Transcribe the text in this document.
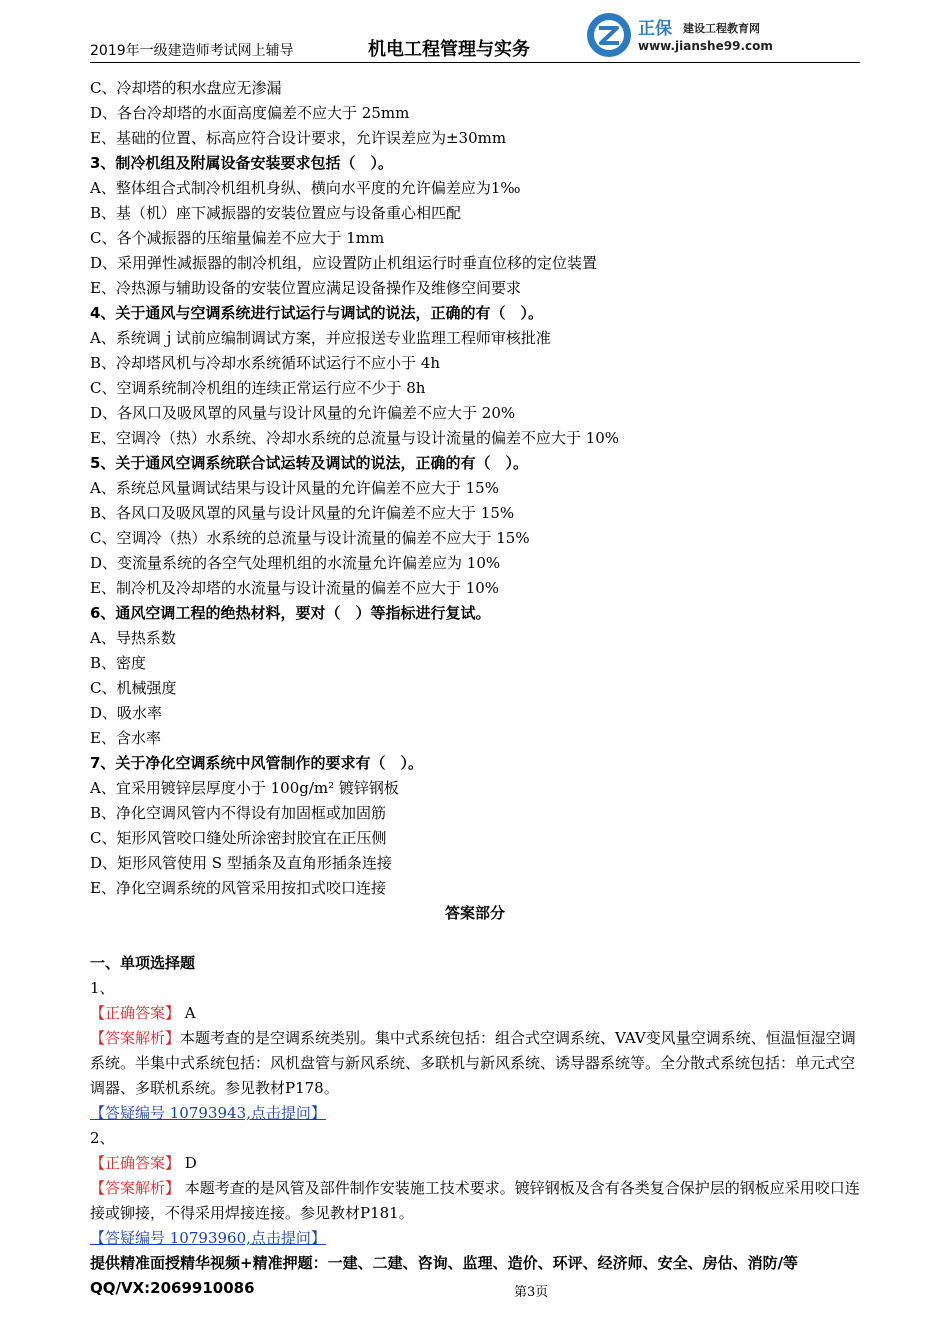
2019年一级建造师考试网上辅导	机电工程管理与实务
正保 建设工程教育网
www.jianshe99.com
C、冷却塔的积水盘应无渗漏
D、各台冷却塔的水面高度偏差不应大于 25mm
E、基础的位置、标高应符合设计要求，允许误差应为±30mm
3、制冷机组及附属设备安装要求包括（　）。
A、整体组合式制冷机组机身纵、横向水平度的允许偏差应为1‰
B、基（机）座下减振器的安装位置应与设备重心相匹配
C、各个减振器的压缩量偏差不应大于 1mm
D、采用弹性减振器的制冷机组，应设置防止机组运行时垂直位移的定位装置
E、冷热源与辅助设备的安装位置应满足设备操作及维修空间要求
4、关于通风与空调系统进行试运行与调试的说法，正确的有（　）。
A、系统调ｊ试前应编制调试方案，并应报送专业监理工程师审核批准
B、冷却塔风机与冷却水系统循环试运行不应小于 4h
C、空调系统制冷机组的连续正常运行应不少于 8h
D、各风口及吸风罩的风量与设计风量的允许偏差不应大于 20%
E、空调冷（热）水系统、冷却水系统的总流量与设计流量的偏差不应大于 10%
5、关于通风空调系统联合试运转及调试的说法，正确的有（　）。
A、系统总风量调试结果与设计风量的允许偏差不应大于 15%
B、各风口及吸风罩的风量与设计风量的允许偏差不应大于 15%
C、空调冷（热）水系统的总流量与设计流量的偏差不应大于 15%
D、变流量系统的各空气处理机组的水流量允许偏差应为 10%
E、制冷机及冷却塔的水流量与设计流量的偏差不应大于 10%
6、通风空调工程的绝热材料，要对（　）等指标进行复试。
A、导热系数
B、密度
C、机械强度
D、吸水率
E、含水率
7、关于净化空调系统中风管制作的要求有（　）。
A、宜采用镀锌层厚度小于 100g/m² 镀锌钢板
B、净化空调风管内不得设有加固框或加固筋
C、矩形风管咬口缝处所涂密封胶宜在正压侧
D、矩形风管使用 S 型插条及直角形插条连接
E、净化空调系统的风管采用按扣式咬口连接
答案部分
一、单项选择题
1、
【正确答案】 A
【答案解析】本题考查的是空调系统类别。集中式系统包括：组合式空调系统、VAV变风量空调系统、恒温恒湿空调系统。半集中式系统包括：风机盘管与新风系统、多联机与新风系统、诱导器系统等。全分散式系统包括：单元式空调器、多联机系统。参见教材P178。
【答疑编号 10793943,点击提问】
2、
【正确答案】 D
【答案解析】 本题考查的是风管及部件制作安装施工技术要求。镀锌钢板及含有各类复合保护层的钢板应采用咬口连接或铆接，不得采用焊接连接。参见教材P181。
【答疑编号 10793960,点击提问】
提供精准面授精华视频+精准押题：一建、二建、咨询、监理、造价、环评、经济师、安全、房估、消防/等
QQ/VX:2069910086	第3页
